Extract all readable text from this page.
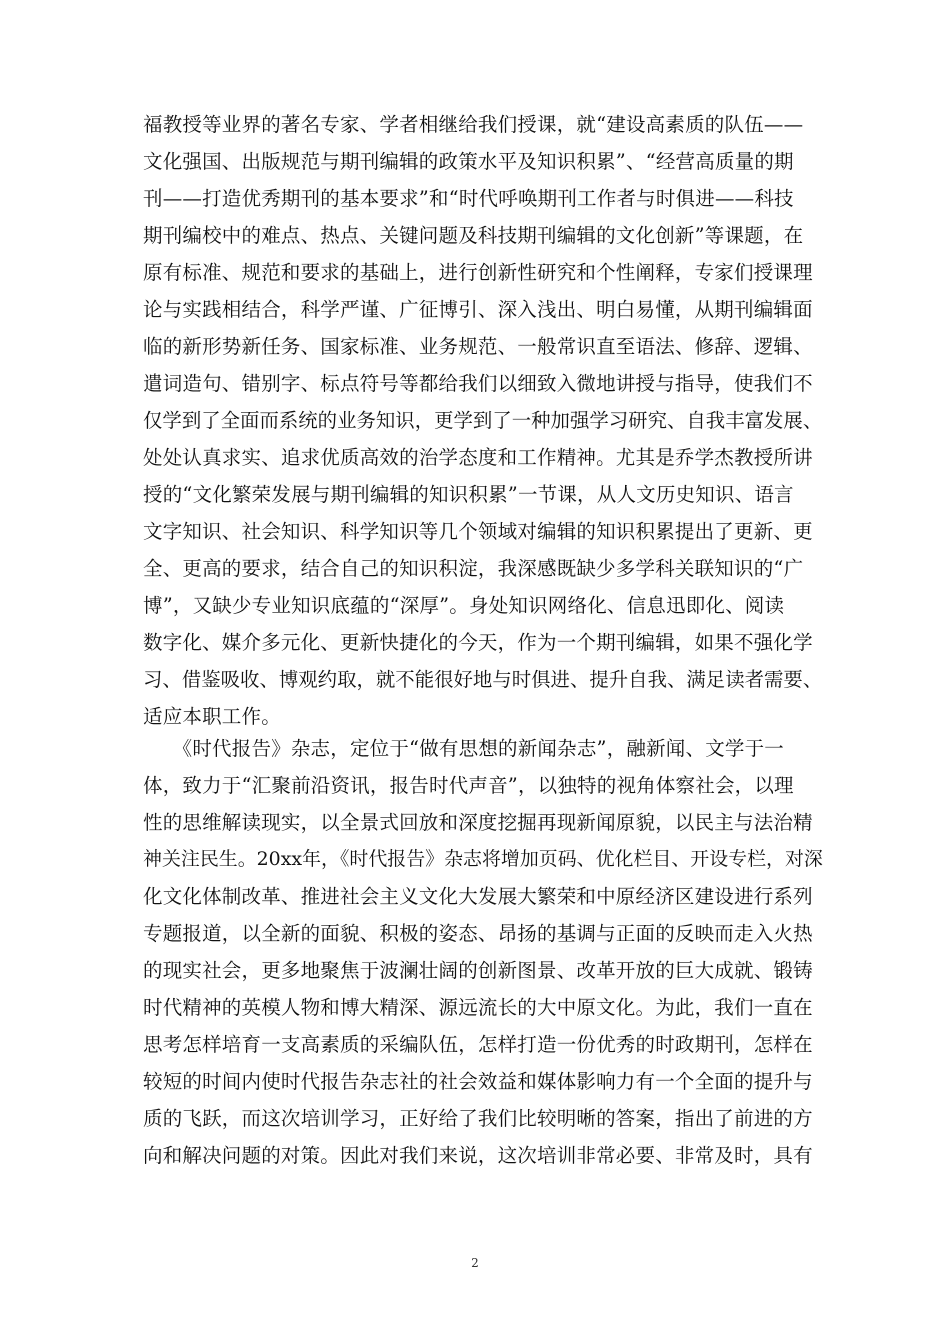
福教授等业界的著名专家、学者相继给我们授课，就“建设高素质的队伍——
文化强国、出版规范与期刊编辑的政策水平及知识积累”、“经营高质量的期
刊——打造优秀期刊的基本要求”和“时代呼唤期刊工作者与时俱进——科技
期刊编校中的难点、热点、关键问题及科技期刊编辑的文化创新”等课题，在
原有标准、规范和要求的基础上，进行创新性研究和个性阐释，专家们授课理
论与实践相结合，科学严谨、广征博引、深入浅出、明白易懂，从期刊编辑面
临的新形势新任务、国家标准、业务规范、一般常识直至语法、修辞、逻辑、
遣词造句、错别字、标点符号等都给我们以细致入微地讲授与指导，使我们不
仅学到了全面而系统的业务知识，更学到了一种加强学习研究、自我丰富发展、
处处认真求实、追求优质高效的治学态度和工作精神。尤其是乔学杰教授所讲
授的“文化繁荣发展与期刊编辑的知识积累”一节课，从人文历史知识、语言
文字知识、社会知识、科学知识等几个领域对编辑的知识积累提出了更新、更
全、更高的要求，结合自己的知识积淀，我深感既缺少多学科关联知识的“广
博”，又缺少专业知识底蕴的“深厚”。身处知识网络化、信息迅即化、阅读
数字化、媒介多元化、更新快捷化的今天，作为一个期刊编辑，如果不强化学
习、借鉴吸收、博观约取，就不能很好地与时俱进、提升自我、满足读者需要、
适应本职工作。
　　《时代报告》杂志，定位于“做有思想的新闻杂志”，融新闻、文学于一
体，致力于“汇聚前沿资讯，报告时代声音”，以独特的视角体察社会，以理
性的思维解读现实，以全景式回放和深度挖掘再现新闻原貌，以民主与法治精
神关注民生。20xx年，《时代报告》杂志将增加页码、优化栏目、开设专栏，对深
化文化体制改革、推进社会主义文化大发展大繁荣和中原经济区建设进行系列
专题报道，以全新的面貌、积极的姿态、昂扬的基调与正面的反映而走入火热
的现实社会，更多地聚焦于波澜壮阔的创新图景、改革开放的巨大成就、锻铸
时代精神的英模人物和博大精深、源远流长的大中原文化。为此，我们一直在
思考怎样培育一支高素质的采编队伍，怎样打造一份优秀的时政期刊，怎样在
较短的时间内使时代报告杂志社的社会效益和媒体影响力有一个全面的提升与
质的飞跃，而这次培训学习，正好给了我们比较明晰的答案，指出了前进的方
向和解决问题的对策。因此对我们来说，这次培训非常必要、非常及时，具有
2
